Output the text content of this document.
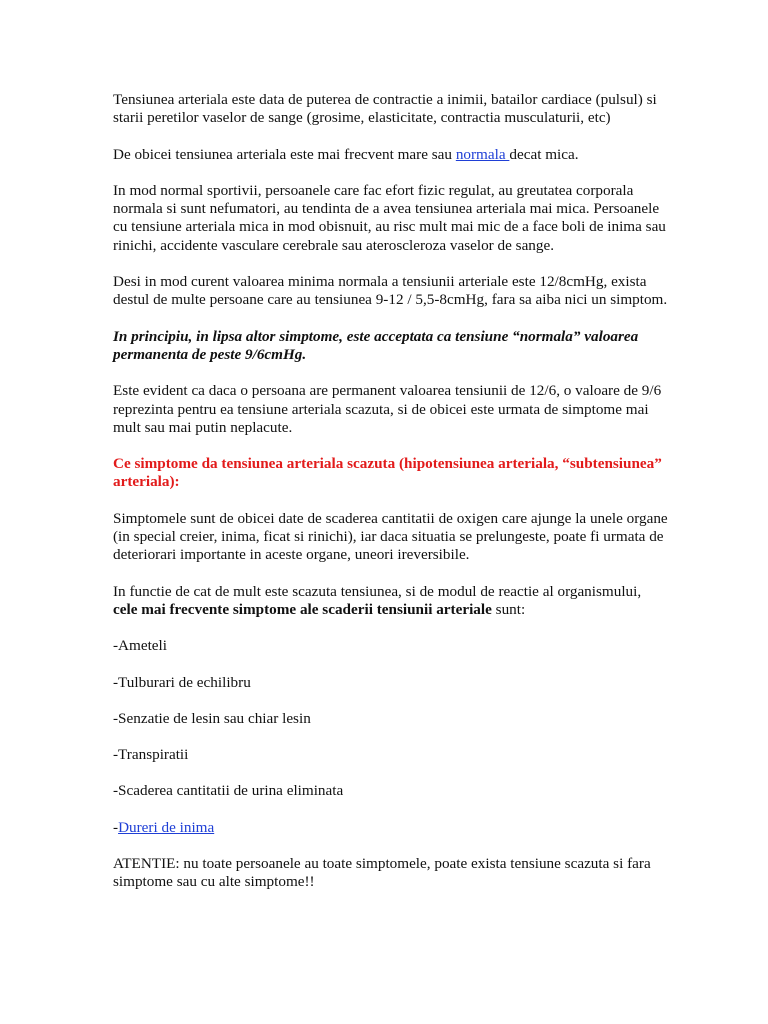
Tensiunea arteriala este data de puterea de contractie a inimii, batailor cardiace (pulsul) si starii peretilor vaselor de sange (grosime, elasticitate, contractia musculaturii, etc)

De obicei tensiunea arteriala este mai frecvent mare sau normala decat mica.

In mod normal sportivii, persoanele care fac efort fizic regulat, au greutatea corporala normala si sunt nefumatori, au tendinta de a avea tensiunea arteriala mai mica. Persoanele cu tensiune arteriala mica in mod obisnuit, au risc mult mai mic de a face boli de inima sau rinichi, accidente vasculare cerebrale sau ateroscleroza vaselor de sange.

Desi in mod curent valoarea minima normala a tensiunii arteriale este 12/8cmHg, exista destul de multe persoane care au tensiunea 9-12 / 5,5-8cmHg, fara sa aiba nici un simptom.

In principiu, in lipsa altor simptome, este acceptata ca tensiune “normala” valoarea permanenta de peste 9/6cmHg.

Este evident ca daca o persoana are permanent valoarea tensiunii de 12/6, o valoare de 9/6 reprezinta pentru ea tensiune arteriala scazuta, si de obicei este urmata de simptome mai mult sau mai putin neplacute.

Ce simptome da tensiunea arteriala scazuta (hipotensiunea arteriala, “subtensiunea” arteriala):

Simptomele sunt de obicei date de scaderea cantitatii de oxigen care ajunge la unele organe (in special creier, inima, ficat si rinichi), iar daca situatia se prelungeste, poate fi urmata de deteriorari importante in aceste organe, uneori ireversibile.

In functie de cat de mult este scazuta tensiunea, si de modul de reactie al organismului, cele mai frecvente simptome ale scaderii tensiunii arteriale sunt:

-Ameteli

-Tulburari de echilibru

-Senzatie de lesin sau chiar lesin

-Transpiratii

-Scaderea cantitatii de urina eliminata

-Dureri de inima

ATENTIE: nu toate persoanele au toate simptomele, poate exista tensiune scazuta si fara simptome sau cu alte simptome!!
